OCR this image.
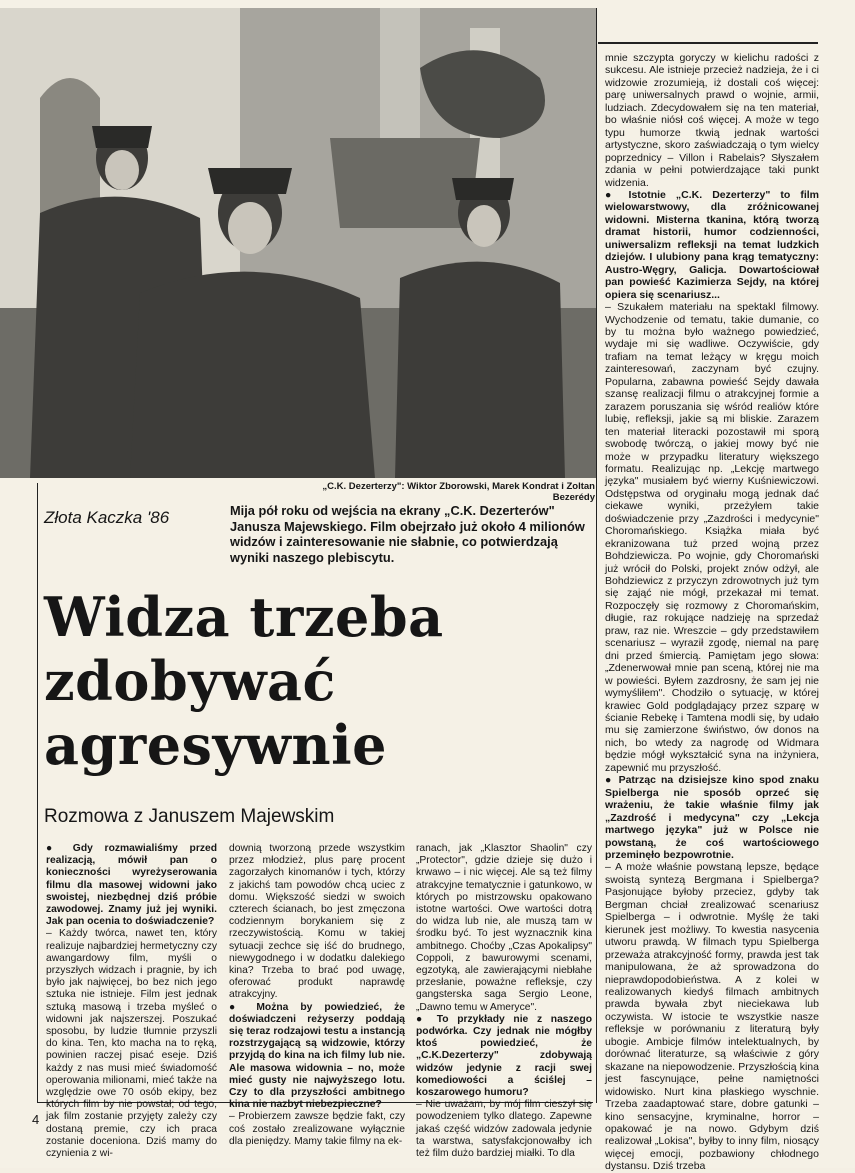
„C.K. Dezerterzy": Wiktor Zborowski, Marek Kondrat i Zoltan Bezerédy
Złota Kaczka '86	Mija pół roku od wejścia na ekrany „C.K. Dezerterów" Janusza Majewskiego. Film obejrzało już około 4 milionów widzów i zainteresowanie nie słabnie, co potwierdzają wyniki naszego plebiscytu.
Widza trzeba
zdobywać
agresywnie
Rozmowa z Januszem Majewskim

mnie szczypta goryczy w kielichu radości z sukcesu. Ale istnieje przecież nadzieja, że i ci widzowie zrozumieją, iż dostali coś więcej: parę uniwersalnych prawd o wojnie, armii, ludziach. Zdecydowałem się na ten materiał, bo właśnie niósł coś więcej. A może w tego typu humorze tkwią jednak wartości artystyczne, skoro zaświadczają o tym wielcy poprzednicy – Villon i Rabelais? Słyszałem zdania w pełni potwierdzające taki punkt widzenia.

● Istotnie „C.K. Dezerterzy" to film wielowarstwowy, dla zróżnicowanej widowni. Misterna tkanina, którą tworzą dramat historii, humor codzienności, uniwersalizm refleksji na temat ludzkich dziejów. I ulubiony pana krąg tematyczny: Austro-Węgry, Galicja. Dowartościował pan powieść Kazimierza Sejdy, na której opiera się scenariusz...

– Szukałem materiału na spektakl filmowy. Wychodzenie od tematu, takie dumanie, co by tu można było ważnego powiedzieć, wydaje mi się wadliwe. Oczywiście, gdy trafiam na temat leżący w kręgu moich zainteresowań, zaczynam być czujny. Popularna, zabawna powieść Sejdy dawała szansę realizacji filmu o atrakcyjnej formie a zarazem poruszania się wśród realiów które lubię, refleksji, jakie są mi bliskie. Zarazem ten materiał literacki pozostawił mi sporą swobodę twórczą, o jakiej mowy być nie może w przypadku literatury większego formatu. Realizując np. „Lekcję martwego języka" musiałem być wierny Kuśniewiczowi. Odstępstwa od oryginału mogą jednak dać ciekawe wyniki, przeżyłem takie doświadczenie przy „Zazdrości i medycynie" Choromańskiego. Książka miała być ekranizowana tuż przed wojną przez Bohdziewicza. Po wojnie, gdy Choromański już wrócił do Polski, projekt znów odżył, ale Bohdziewicz z przyczyn zdrowotnych już tym się zająć nie mógł, przekazał mi temat. Rozpoczęły się rozmowy z Choromańskim, długie, raz rokujące nadzieję na sprzedaż praw, raz nie. Wreszcie – gdy przedstawiłem scenariusz – wyraził zgodę, niemal na parę dni przed śmiercią. Pamiętam jego słowa: „Zdenerwował mnie pan sceną, której nie ma w powieści. Byłem zazdrosny, że sam jej nie wymyśliłem". Chodziło o sytuację, w której krawiec Gold podglądający przez szparę w ścianie Rebekę i Tamtena modli się, by udało mu się zamierzone świństwo, ów donos na nich, bo wtedy za nagrodę od Widmara będzie mógł wykształcić syna na inżyniera, zapewnić mu przyszłość.

● Patrząc na dzisiejsze kino spod znaku Spielberga nie sposób oprzeć się wrażeniu, że takie właśnie filmy jak „Zazdrość i medycyna" czy „Lekcja martwego języka" już w Polsce nie powstaną, że coś wartościowego przeminęło bezpowrotnie.

– A może właśnie powstaną lepsze, będące swoistą syntezą Bergmana i Spielberga? Pasjonujące byłoby przeciez, gdyby tak Bergman chciał zrealizować scenariusz Spielberga – i odwrotnie. Myślę że taki kierunek jest możliwy. To kwestia nasycenia utworu prawdą. W filmach typu Spielberga przeważa atrakcyjność formy, prawda jest tak manipulowana, że aż sprowadzona do nieprawdopodobieństwa. A z kolei w realizowanych kiedyś filmach ambitnych prawda bywała zbyt nieciekawa lub oczywista. W istocie te wszystkie nasze refleksje w porównaniu z literaturą były ubogie. Ambicje filmów intelektualnych, by dorównać literaturze, są właściwie z góry skazane na niepowodzenie. Przyszłością kina jest fascynujące, pełne namiętności widowisko. Nurt kina płaskiego wyschnie. Trzeba zaadaptować stare, dobre gatunki – kino sensacyjne, kryminalne, horror – opakować je na nowo. Gdybym dziś realizował „Lokisa", byłby to inny film, niosący więcej emocji, pozbawiony chłodnego dystansu. Dziś trzeba

● Gdy rozmawialiśmy przed realizacją, mówił pan o konieczności wyreżyserowania filmu dla masowej widowni jako swoistej, niezbędnej dziś próbie zawodowej. Znamy już jej wyniki. Jak pan ocenia to doświadczenie?

– Każdy twórca, nawet ten, który realizuje najbardziej hermetyczny czy awangardowy film, myśli o przyszłych widzach i pragnie, by ich było jak najwięcej, bo bez nich jego sztuka nie istnieje. Film jest jednak sztuką masową i trzeba myśleć o widowni jak najszerszej. Poszukać sposobu, by ludzie tłumnie przyszli do kina. Ten, kto macha na to ręką, powinien raczej pisać eseje. Dziś każdy z nas musi mieć świadomość operowania milionami, mieć także na względzie owe 70 osób ekipy, bez których film by nie powstał; od tego, jak film zostanie przyjęty zależy czy dostaną premie, czy ich praca zostanie doceniona. Dziś mamy do czynienia z wi-

downią tworzoną przede wszystkim przez młodzież, plus parę procent zagorzałych kinomanów i tych, którzy z jakichś tam powodów chcą uciec z domu. Większość siedzi w swoich czterech ścianach, bo jest zmęczona codziennym borykaniem się z rzeczywistością. Komu w takiej sytuacji zechce się iść do brudnego, niewygodnego i w dodatku dalekiego kina? Trzeba to brać pod uwagę, oferować produkt naprawdę atrakcyjny.

● Można by powiedzieć, że doświadczeni reżyserzy poddają się teraz rodzajowi testu a instancją rozstrzygającą są widzowie, którzy przyjdą do kina na ich filmy lub nie. Ale masowa widownia – no, może mieć gusty nie najwyższego lotu. Czy to dla przyszłości ambitnego kina nie nazbyt niebezpieczne?

– Probierzem zawsze będzie fakt, czy coś zostało zrealizowane wyłącznie dla pieniędzy. Mamy takie filmy na ek-

ranach, jak „Klasztor Shaolin" czy „Protector", gdzie dzieje się dużo i krwawo – i nic więcej. Ale są też filmy atrakcyjne tematycznie i gatunkowo, w których po mistrzowsku opakowano istotne wartości. Owe wartości dotrą do widza lub nie, ale muszą tam w środku być. To jest wyznacznik kina ambitnego. Choćby „Czas Apokalipsy" Coppoli, z bawurowymi scenami, egzotyką, ale zawierającymi niebłahe przesłanie, poważne refleksje, czy gangsterska saga Sergio Leone, „Dawno temu w Ameryce".

● To przykłady nie z naszego podwórka. Czy jednak nie mógłby ktoś powiedzieć, że „C.K.Dezerterzy" zdobywają widzów jedynie z racji swej komediowości a ściślej – koszarowego humoru?

– Nie uważam, by mój film cieszył się powodzeniem tylko dlatego. Zapewne jakaś część widzów zadowala jedynie ta warstwa, satysfakcjonowałby ich też film dużo bardziej miałki. To dla

4
